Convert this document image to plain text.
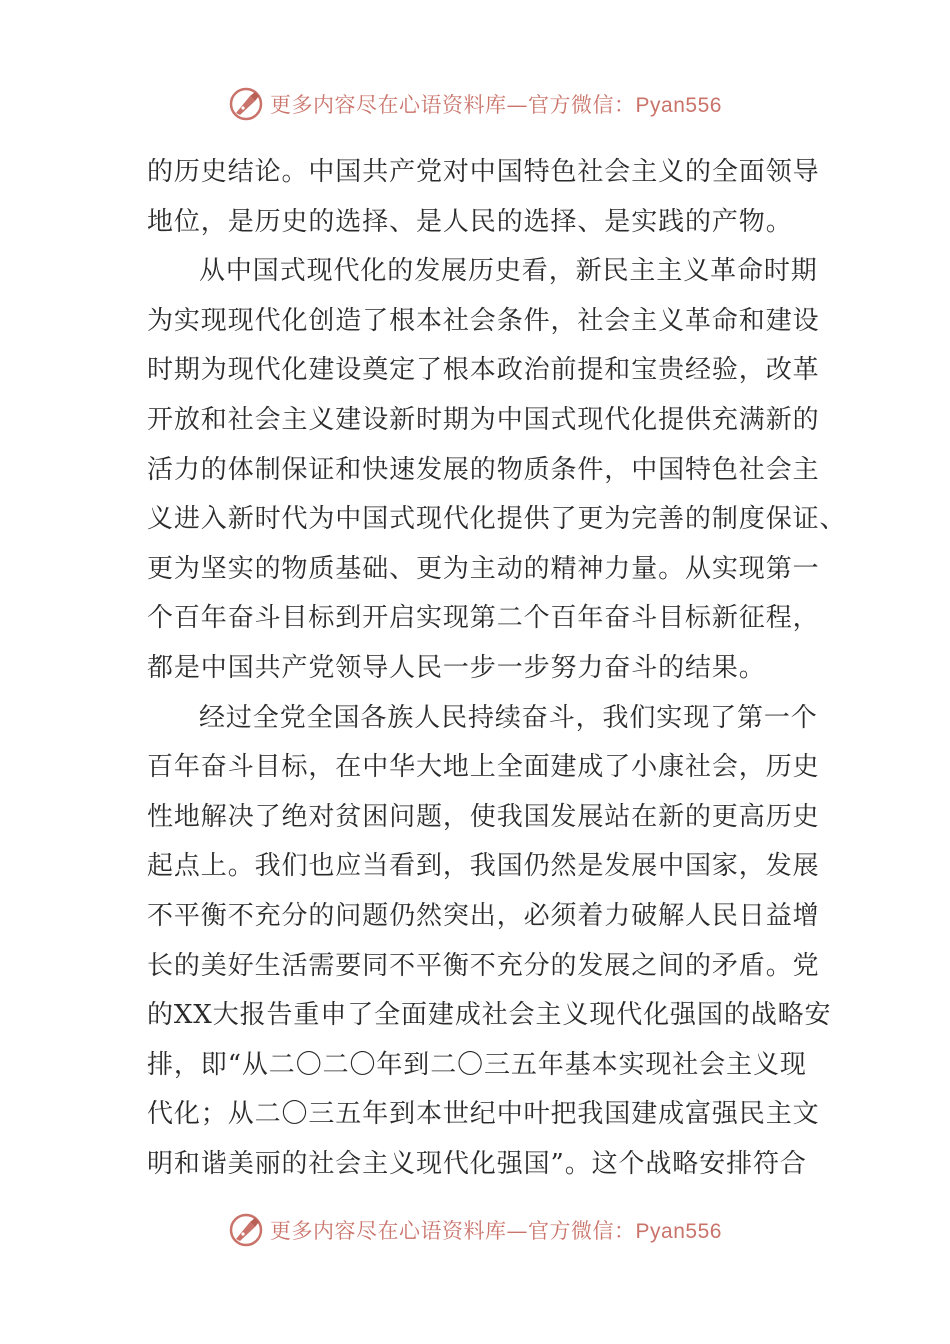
更多内容尽在心语资料库—官方微信：Pyan556
的历史结论。中国共产党对中国特色社会主义的全面领导
地位，是历史的选择、是人民的选择、是实践的产物。
从中国式现代化的发展历史看，新民主主义革命时期
为实现现代化创造了根本社会条件，社会主义革命和建设
时期为现代化建设奠定了根本政治前提和宝贵经验，改革
开放和社会主义建设新时期为中国式现代化提供充满新的
活力的体制保证和快速发展的物质条件，中国特色社会主
义进入新时代为中国式现代化提供了更为完善的制度保证、
更为坚实的物质基础、更为主动的精神力量。从实现第一
个百年奋斗目标到开启实现第二个百年奋斗目标新征程，
都是中国共产党领导人民一步一步努力奋斗的结果。
经过全党全国各族人民持续奋斗，我们实现了第一个
百年奋斗目标，在中华大地上全面建成了小康社会，历史
性地解决了绝对贫困问题，使我国发展站在新的更高历史
起点上。我们也应当看到，我国仍然是发展中国家，发展
不平衡不充分的问题仍然突出，必须着力破解人民日益增
长的美好生活需要同不平衡不充分的发展之间的矛盾。党
的XX大报告重申了全面建成社会主义现代化强国的战略安
排，即“从二〇二〇年到二〇三五年基本实现社会主义现
代化；从二〇三五年到本世纪中叶把我国建成富强民主文
明和谐美丽的社会主义现代化强国”。这个战略安排符合
更多内容尽在心语资料库—官方微信：Pyan556
